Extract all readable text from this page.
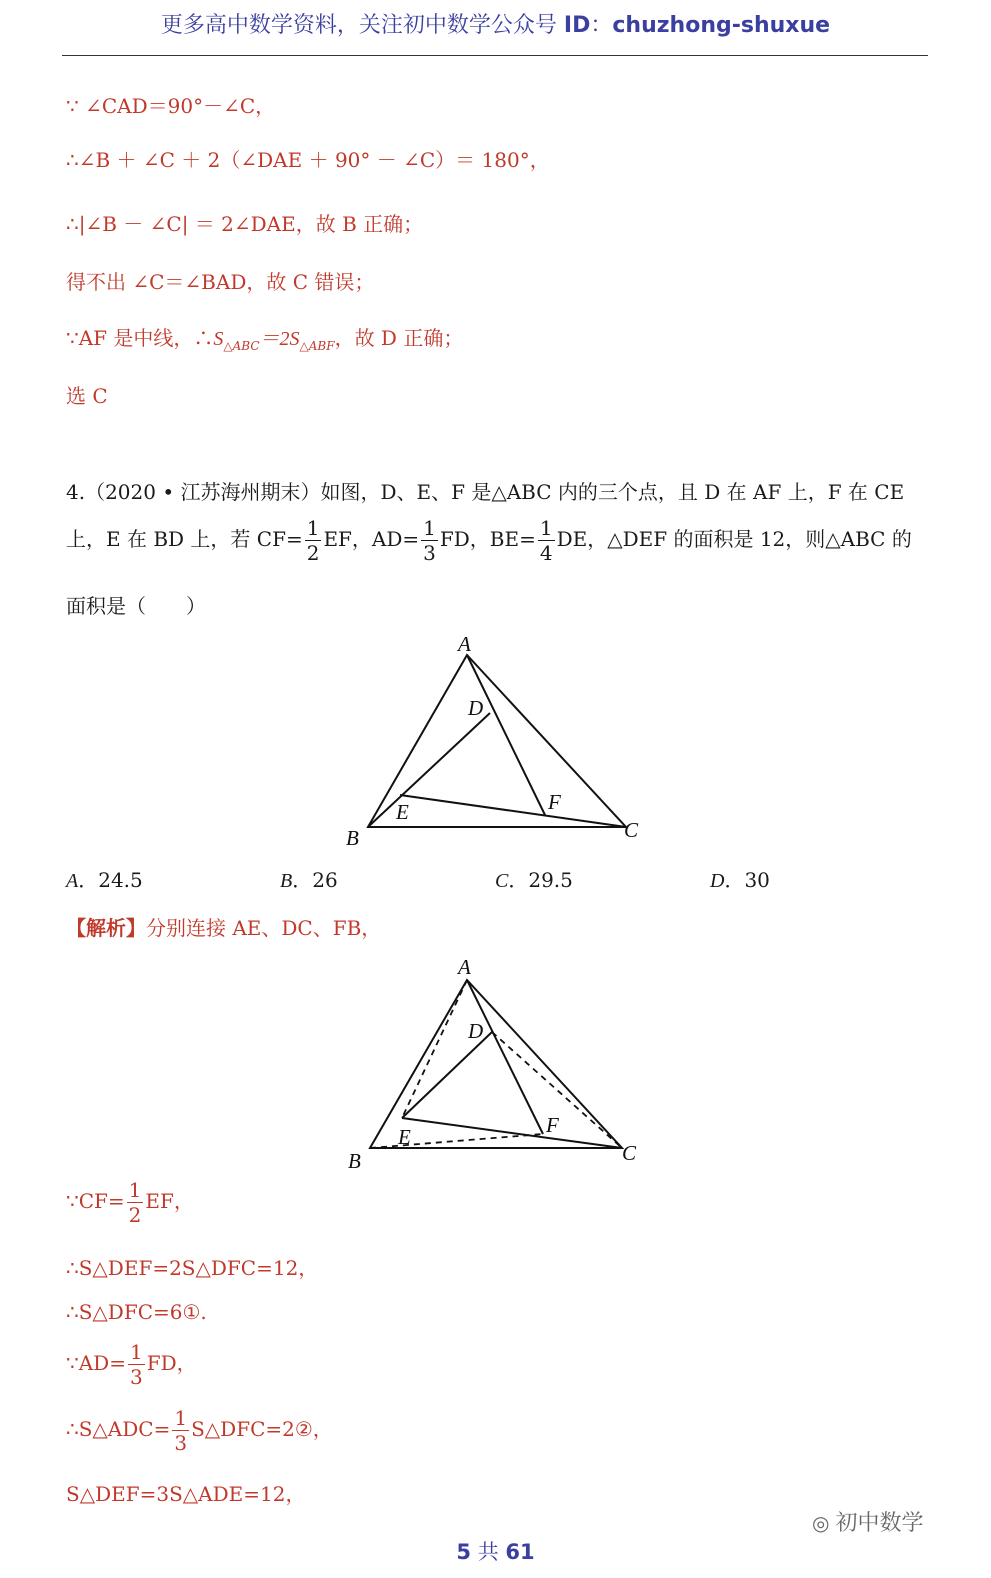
更多高中数学资料，关注初中数学公众号 ID：chuzhong-shuxue
∵ ∠CAD＝90°－∠C，
∴∠B ＋ ∠C ＋ 2（∠DAE ＋ 90° － ∠C）＝ 180°，
∴|∠B － ∠C| ＝ 2∠DAE，故 B 正确；
得不出 ∠C＝∠BAD，故 C 错误；
∵AF 是中线，$\therefore S_{\triangle ABC}=2S_{\triangle ABF}$，故 D 正确；
选 C
4.（2020 • 江苏海州期末）如图，D、E、F 是△ABC 内的三个点，且 D 在 AF 上，F 在 CE
上，E 在 BD 上，若 $CF= \frac{1}{2}$ EF，$AD= \frac{1}{3}$ FD，$BE= \frac{1}{4}$ DE，△DEF 的面积是 12，则△ABC 的
面积是（　　）
A
B	C
D
E	F
A．24.5	B．26	C．29.5	D．30
【解析】分别连接 AE、DC、FB，
A
B	C
D
E	F
∵CF= $\frac{1}{2}$ EF，
∴S△DEF=2S△DFC=12，
∴S△DFC=6①.
∵AD= $\frac{1}{3}$ FD，
∴S△ADC= $\frac{1}{3}$ S△DFC=2②，
S△DEF=3S△ADE=12，
◎ 初中数学
5 共 61
